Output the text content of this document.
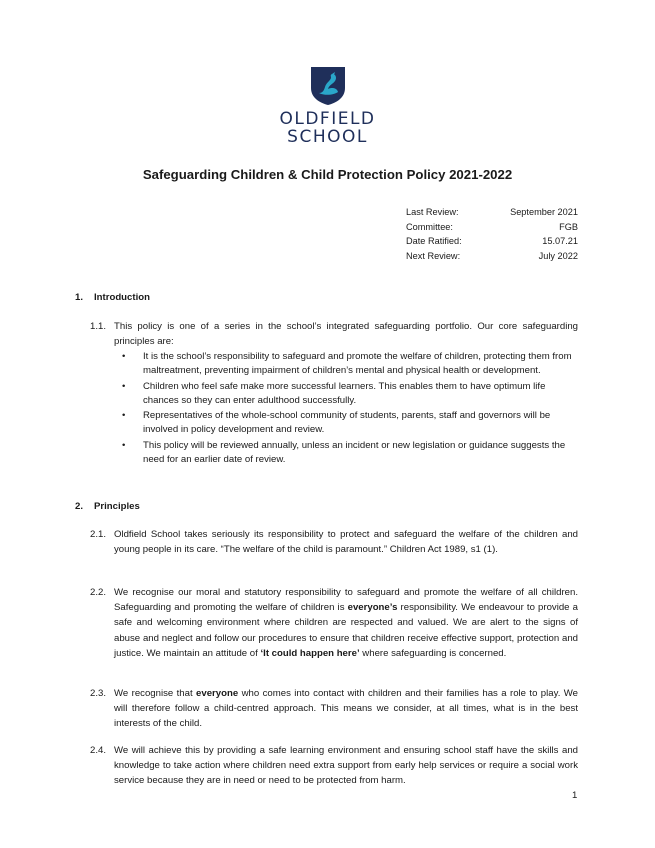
OLDFIELD
SCHOOL
Safeguarding Children & Child Protection Policy 2021-2022
Last Review:	September 2021
Committee:	FGB
Date Ratified:	15.07.21
Next Review:	July 2022
1. Introduction
1.1. This policy is one of a series in the school’s integrated safeguarding portfolio. Our core safeguarding principles are:
• It is the school’s responsibility to safeguard and promote the welfare of children, protecting them from maltreatment, preventing impairment of children’s mental and physical health or development.
• Children who feel safe make more successful learners. This enables them to have optimum life chances so they can enter adulthood successfully.
• Representatives of the whole-school community of students, parents, staff and governors will be involved in policy development and review.
• This policy will be reviewed annually, unless an incident or new legislation or guidance suggests the need for an earlier date of review.
2. Principles
2.1. Oldfield School takes seriously its responsibility to protect and safeguard the welfare of the children and young people in its care. “The welfare of the child is paramount.” Children Act 1989, s1 (1).
2.2. We recognise our moral and statutory responsibility to safeguard and promote the welfare of all children. Safeguarding and promoting the welfare of children is everyone’s responsibility. We endeavour to provide a safe and welcoming environment where children are respected and valued. We are alert to the signs of abuse and neglect and follow our procedures to ensure that children receive effective support, protection and justice. We maintain an attitude of ‘It could happen here’ where safeguarding is concerned.
2.3. We recognise that everyone who comes into contact with children and their families has a role to play. We will therefore follow a child-centred approach. This means we consider, at all times, what is in the best interests of the child.
2.4. We will achieve this by providing a safe learning environment and ensuring school staff have the skills and knowledge to take action where children need extra support from early help services or require a social work service because they are in need or need to be protected from harm.
1
